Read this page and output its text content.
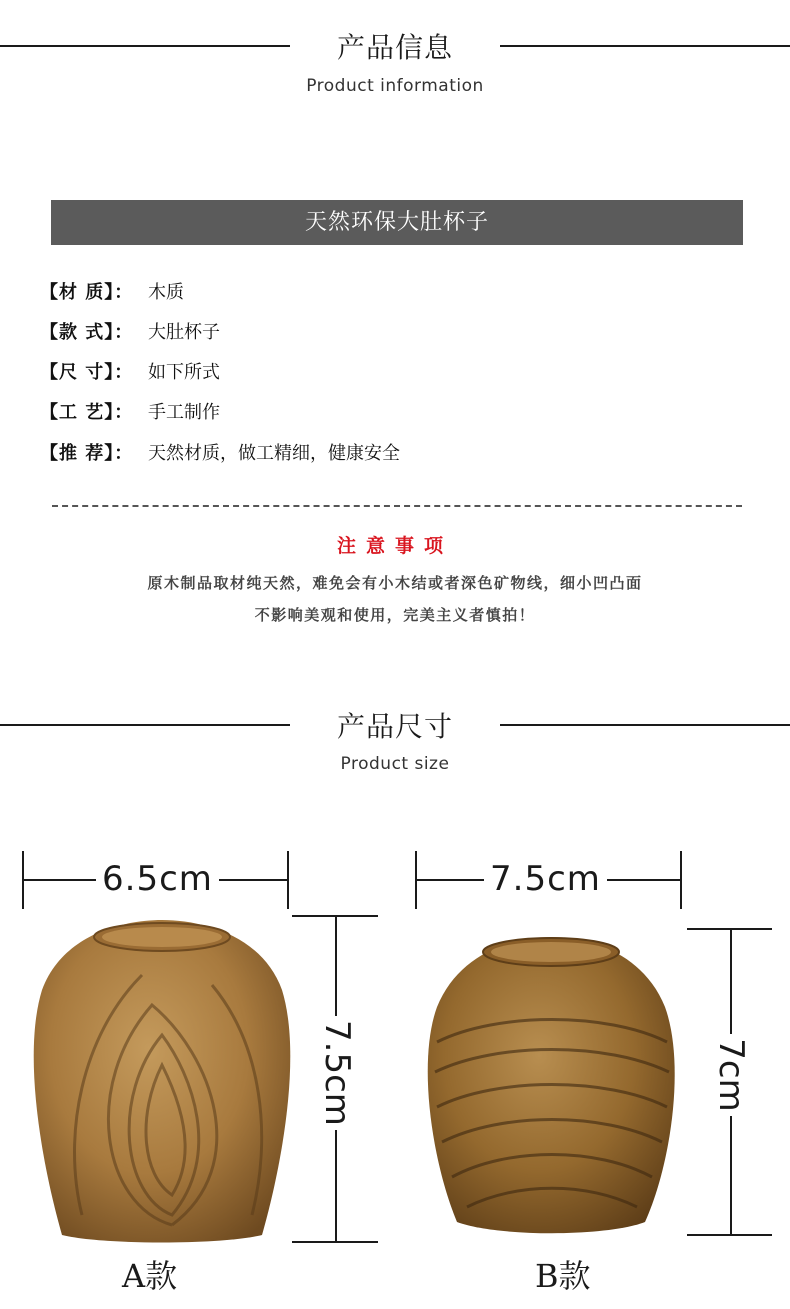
产品信息
Product information
天然环保大肚杯子
【材 质】： 木质
【款 式】： 大肚杯子
【尺 寸】： 如下所式
【工 艺】： 手工制作
【推 荐】： 天然材质，做工精细，健康安全
注意事项
原木制品取材纯天然，难免会有小木结或者深色矿物线，细小凹凸面
不影响美观和使用，完美主义者慎拍！
产品尺寸
Product size
6.5cm
7.5cm
A款
7.5cm
7cm
B款
